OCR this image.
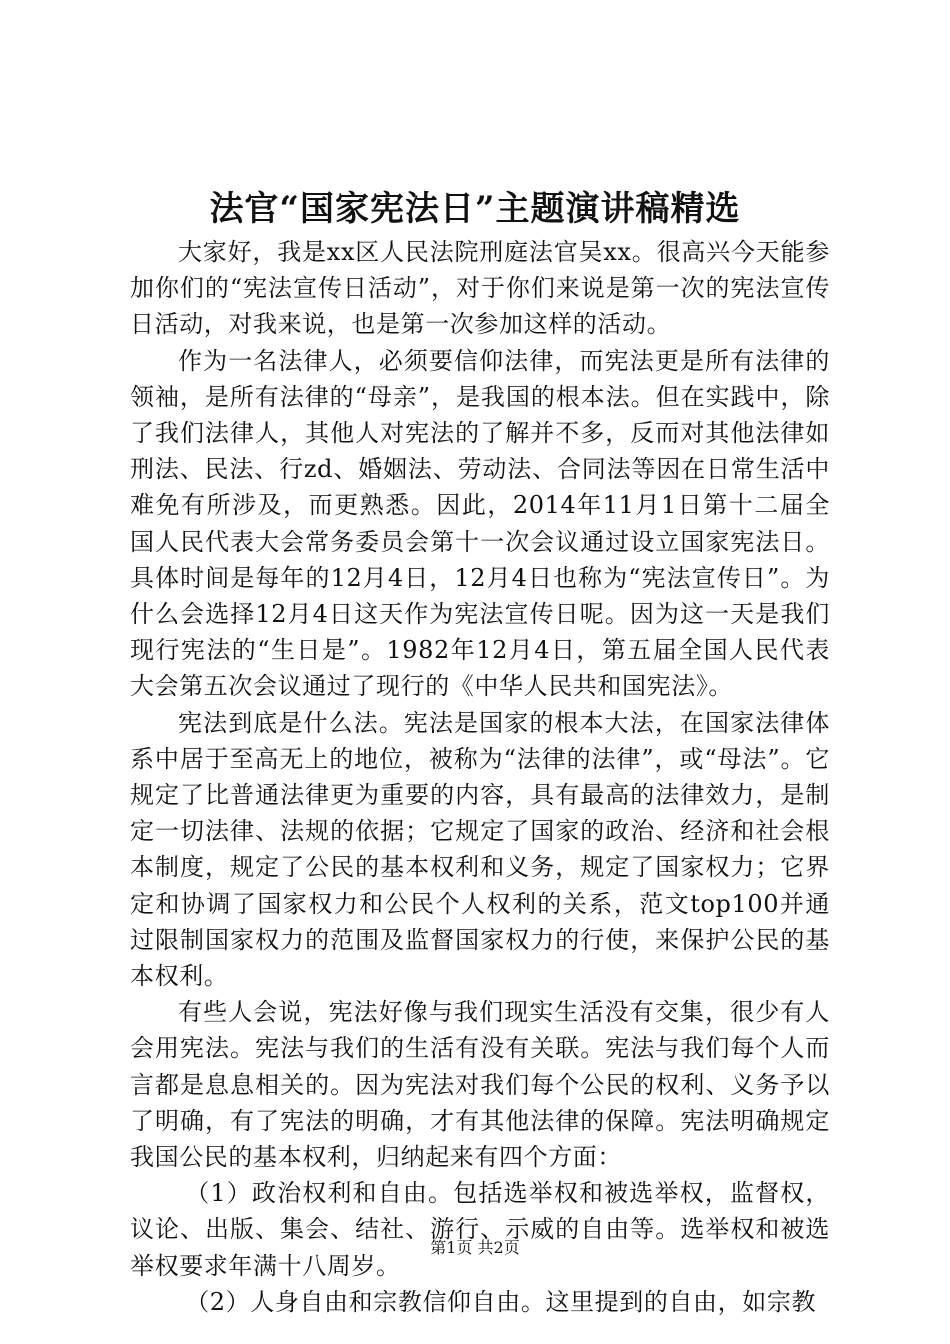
法官“国家宪法日”主题演讲稿精选

大家好，我是xx区人民法院刑庭法官吴xx。很高兴今天能参加你们的“宪法宣传日活动”，对于你们来说是第一次的宪法宣传日活动，对我来说，也是第一次参加这样的活动。

作为一名法律人，必须要信仰法律，而宪法更是所有法律的领袖，是所有法律的“母亲”，是我国的根本法。但在实践中，除了我们法律人，其他人对宪法的了解并不多，反而对其他法律如刑法、民法、行zd、婚姻法、劳动法、合同法等因在日常生活中难免有所涉及，而更熟悉。因此，2014年11月1日第十二届全国人民代表大会常务委员会第十一次会议通过设立国家宪法日。具体时间是每年的12月4日，12月4日也称为“宪法宣传日”。为什么会选择12月4日这天作为宪法宣传日呢。因为这一天是我们现行宪法的“生日是”。1982年12月4日，第五届全国人民代表大会第五次会议通过了现行的《中华人民共和国宪法》。

宪法到底是什么法。宪法是国家的根本大法，在国家法律体系中居于至高无上的地位，被称为“法律的法律”，或“母法”。它规定了比普通法律更为重要的内容，具有最高的法律效力，是制定一切法律、法规的依据；它规定了国家的政治、经济和社会根本制度，规定了公民的基本权利和义务，规定了国家权力；它界定和协调了国家权力和公民个人权利的关系，范文top100并通过限制国家权力的范围及监督国家权力的行使，来保护公民的基本权利。

有些人会说，宪法好像与我们现实生活没有交集，很少有人会用宪法。宪法与我们的生活有没有关联。宪法与我们每个人而言都是息息相关的。因为宪法对我们每个公民的权利、义务予以了明确，有了宪法的明确，才有其他法律的保障。宪法明确规定我国公民的基本权利，归纳起来有四个方面：

（1）政治权利和自由。包括选举权和被选举权，监督权，议论、出版、集会、结社、游行、示威的自由等。选举权和被选举权要求年满十八周岁。

（2）人身自由和宗教信仰自由。这里提到的自由，如宗教

第1页 共2页
